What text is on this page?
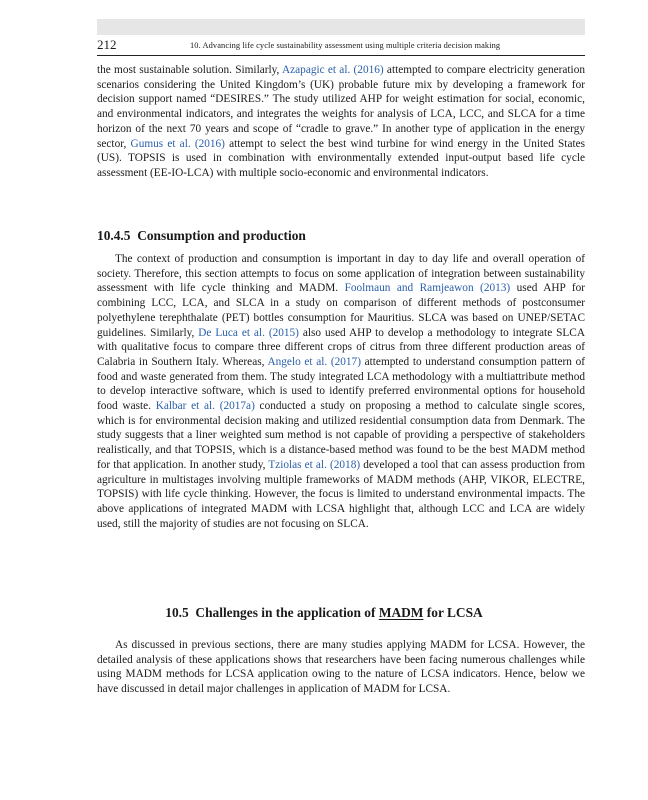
212	10. Advancing life cycle sustainability assessment using multiple criteria decision making

the most sustainable solution. Similarly, Azapagic et al. (2016) attempted to compare electricity generation scenarios considering the United Kingdom’s (UK) probable future mix by developing a framework for decision support named “DESIRES.” The study utilized AHP for weight estimation for social, economic, and environmental indicators, and integrates the weights for analysis of LCA, LCC, and SLCA for a time horizon of the next 70 years and scope of “cradle to grave.” In another type of application in the energy sector, Gumus et al. (2016) attempt to select the best wind turbine for wind energy in the United States (US). TOPSIS is used in combination with environmentally extended input-output based life cycle assessment (EE-IO-LCA) with multiple socio-economic and environmental indicators.

10.4.5 Consumption and production

The context of production and consumption is important in day to day life and overall operation of society. Therefore, this section attempts to focus on some application of integration between sustainability assessment with life cycle thinking and MADM. Foolmaun and Ramjeawon (2013) used AHP for combining LCC, LCA, and SLCA in a study on comparison of different methods of postconsumer polyethylene terephthalate (PET) bottles consumption for Mauritius. SLCA was based on UNEP/SETAC guidelines. Similarly, De Luca et al. (2015) also used AHP to develop a methodology to integrate SLCA with qualitative focus to compare three different crops of citrus from three different production areas of Calabria in Southern Italy. Whereas, Angelo et al. (2017) attempted to understand consumption pattern of food and waste generated from them. The study integrated LCA methodology with a multiattribute method to develop interactive software, which is used to identify preferred environmental options for household food waste. Kalbar et al. (2017a) conducted a study on proposing a method to calculate single scores, which is for environmental decision making and utilized residential consumption data from Denmark. The study suggests that a liner weighted sum method is not capable of providing a perspective of stakeholders realistically, and that TOPSIS, which is a distance-based method was found to be the best MADM method for that application. In another study, Tziolas et al. (2018) developed a tool that can assess production from agriculture in multistages involving multiple frameworks of MADM methods (AHP, VIKOR, ELECTRE, TOPSIS) with life cycle thinking. However, the focus is limited to understand environmental impacts. The above applications of integrated MADM with LCSA highlight that, although LCC and LCA are widely used, still the majority of studies are not focusing on SLCA.

10.5 Challenges in the application of MADM for LCSA

As discussed in previous sections, there are many studies applying MADM for LCSA. However, the detailed analysis of these applications shows that researchers have been facing numerous challenges while using MADM methods for LCSA application owing to the nature of LCSA indicators. Hence, below we have discussed in detail major challenges in application of MADM for LCSA.
